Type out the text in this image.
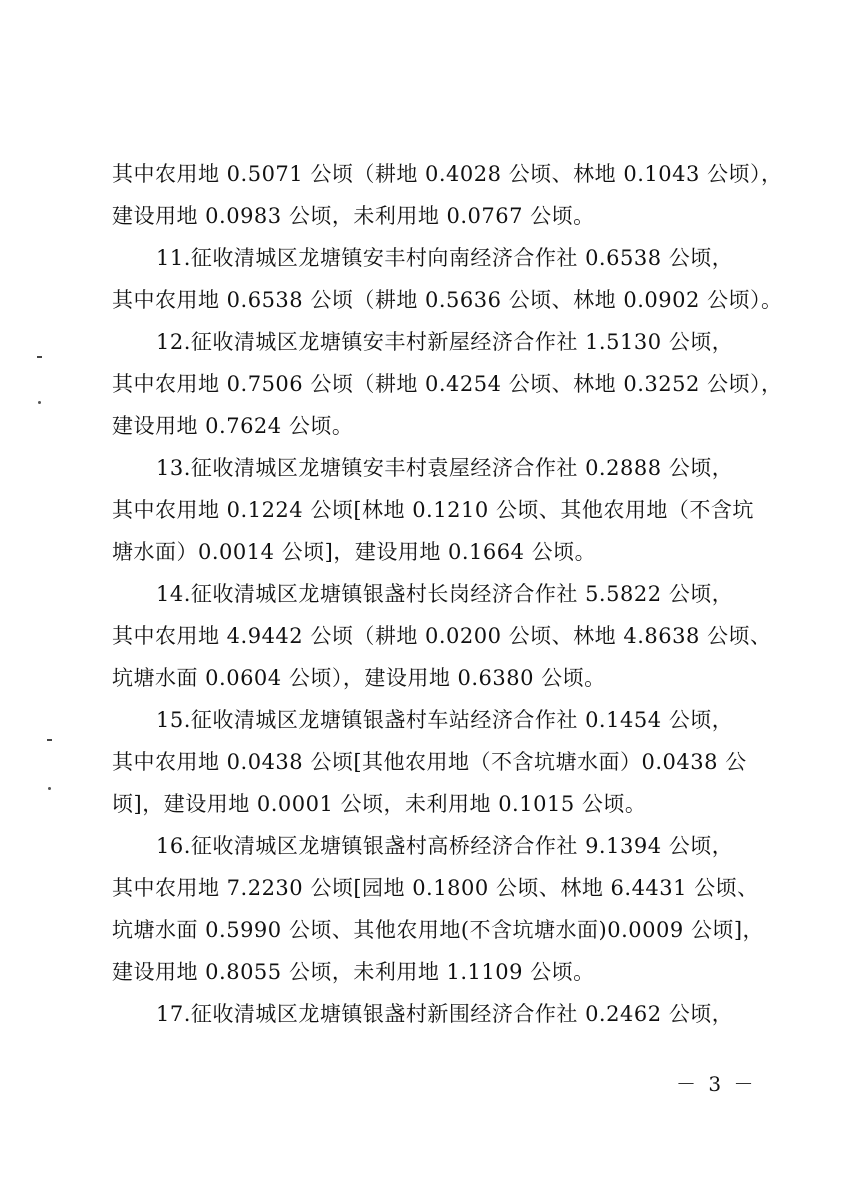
其中农用地 0.5071 公顷（耕地 0.4028 公顷、林地 0.1043 公顷），
建设用地 0.0983 公顷，未利用地 0.0767 公顷。
11.征收清城区龙塘镇安丰村向南经济合作社 0.6538 公顷，
其中农用地 0.6538 公顷（耕地 0.5636 公顷、林地 0.0902 公顷）。
12.征收清城区龙塘镇安丰村新屋经济合作社 1.5130 公顷，
其中农用地 0.7506 公顷（耕地 0.4254 公顷、林地 0.3252 公顷），
建设用地 0.7624 公顷。
13.征收清城区龙塘镇安丰村袁屋经济合作社 0.2888 公顷，
其中农用地 0.1224 公顷[林地 0.1210 公顷、其他农用地（不含坑
塘水面）0.0014 公顷]，建设用地 0.1664 公顷。
14.征收清城区龙塘镇银盏村长岗经济合作社 5.5822 公顷，
其中农用地 4.9442 公顷（耕地 0.0200 公顷、林地 4.8638 公顷、
坑塘水面 0.0604 公顷），建设用地 0.6380 公顷。
15.征收清城区龙塘镇银盏村车站经济合作社 0.1454 公顷，
其中农用地 0.0438 公顷[其他农用地（不含坑塘水面）0.0438 公
顷]，建设用地 0.0001 公顷，未利用地 0.1015 公顷。
16.征收清城区龙塘镇银盏村高桥经济合作社 9.1394 公顷，
其中农用地 7.2230 公顷[园地 0.1800 公顷、林地 6.4431 公顷、
坑塘水面 0.5990 公顷、其他农用地(不含坑塘水面)0.0009 公顷]，
建设用地 0.8055 公顷，未利用地 1.1109 公顷。
17.征收清城区龙塘镇银盏村新围经济合作社 0.2462 公顷，
－ 3 －
